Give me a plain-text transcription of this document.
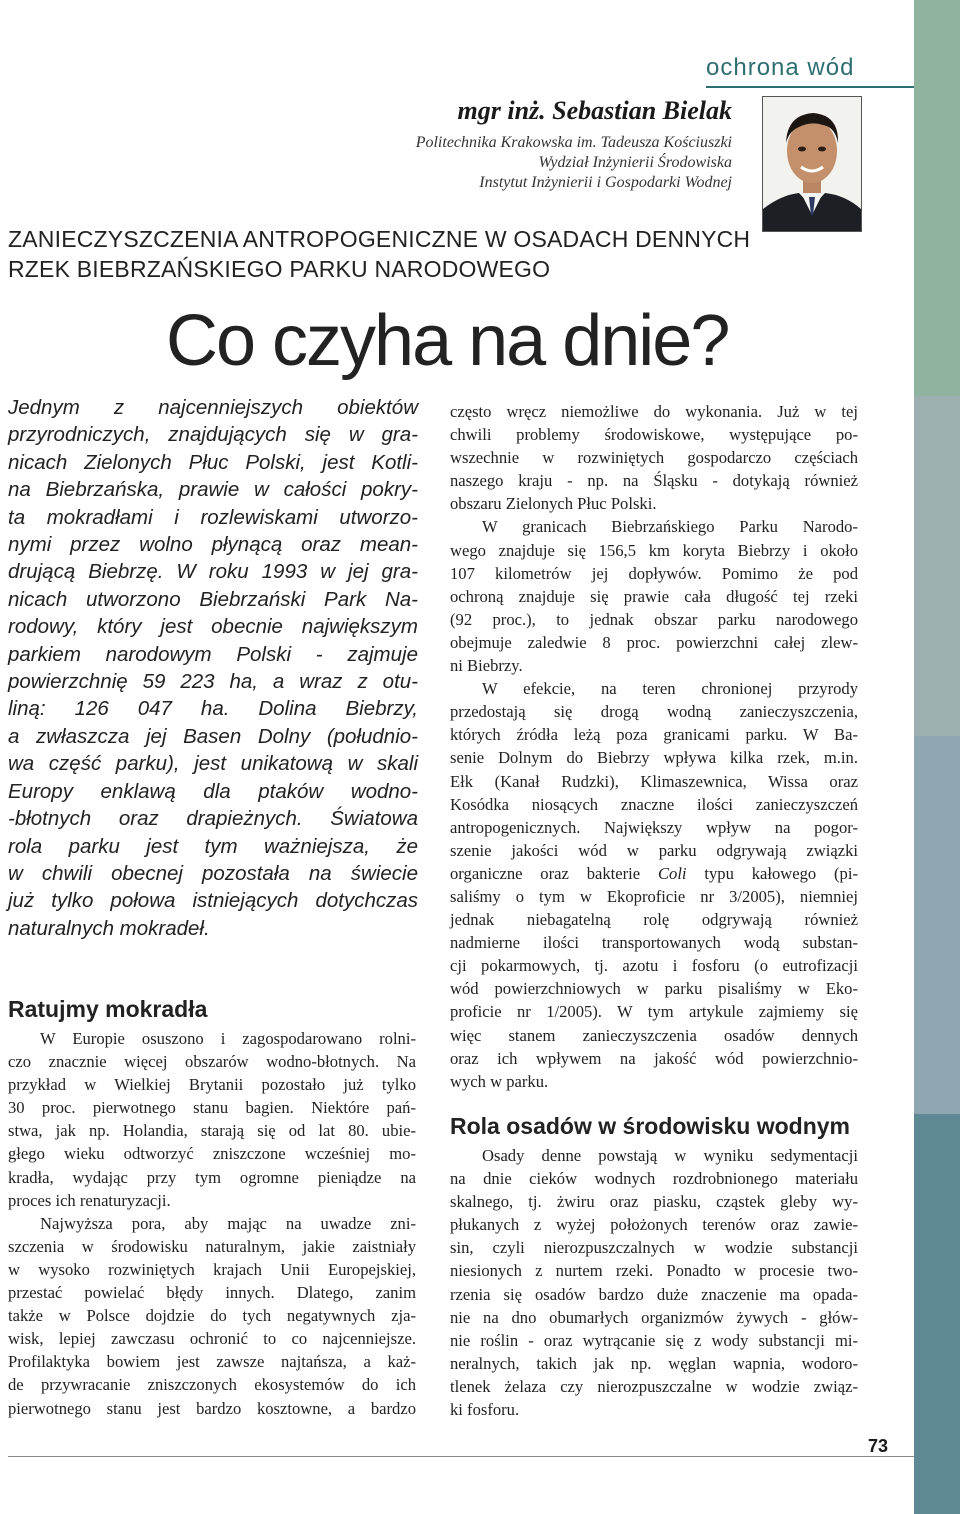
ochrona wód
mgr inż. Sebastian Bielak
Politechnika Krakowska im. Tadeusza Kościuszki
Wydział Inżynierii Środowiska
Instytut Inżynierii i Gospodarki Wodnej
ZANIECZYSZCZENIA ANTROPOGENICZNE W OSADACH DENNYCH
RZEK BIEBRZAŃSKIEGO PARKU NARODOWEGO
Co czyha na dnie?
Jednym z najcenniejszych obiektów
przyrodniczych, znajdujących się w gra-
nicach Zielonych Płuc Polski, jest Kotli-
na Biebrzańska, prawie w całości pokry-
ta mokradłami i rozlewiskami utworzo-
nymi przez wolno płynącą oraz mean-
drującą Biebrzę. W roku 1993 w jej gra-
nicach utworzono Biebrzański Park Na-
rodowy, który jest obecnie największym
parkiem narodowym Polski - zajmuje
powierzchnię 59 223 ha, a wraz z otu-
liną: 126 047 ha. Dolina Biebrzy,
a zwłaszcza jej Basen Dolny (południo-
wa część parku), jest unikatową w skali
Europy enklawą dla ptaków wodno-
-błotnych oraz drapieżnych. Światowa
rola parku jest tym ważniejsza, że
w chwili obecnej pozostała na świecie
już tylko połowa istniejących dotychczas
naturalnych mokradeł.
Ratujmy mokradła
W Europie osuszono i zagospodarowano rolni-
czo znacznie więcej obszarów wodno-błotnych. Na
przykład w Wielkiej Brytanii pozostało już tylko
30 proc. pierwotnego stanu bagien. Niektóre pań-
stwa, jak np. Holandia, starają się od lat 80. ubie-
głego wieku odtworzyć zniszczone wcześniej mo-
kradła, wydając przy tym ogromne pieniądze na
proces ich renaturyzacji.
Najwyższa pora, aby mając na uwadze zni-
szczenia w środowisku naturalnym, jakie zaistniały
w wysoko rozwiniętych krajach Unii Europejskiej,
przestać powielać błędy innych. Dlatego, zanim
także w Polsce dojdzie do tych negatywnych zja-
wisk, lepiej zawczasu ochronić to co najcenniejsze.
Profilaktyka bowiem jest zawsze najtańsza, a każ-
de przywracanie zniszczonych ekosystemów do ich
pierwotnego stanu jest bardzo kosztowne, a bardzo
często wręcz niemożliwe do wykonania. Już w tej
chwili problemy środowiskowe, występujące po-
wszechnie w rozwiniętych gospodarczo częściach
naszego kraju - np. na Śląsku - dotykają również
obszaru Zielonych Płuc Polski.
W granicach Biebrzańskiego Parku Narodo-
wego znajduje się 156,5 km koryta Biebrzy i około
107 kilometrów jej dopływów. Pomimo że pod
ochroną znajduje się prawie cała długość tej rzeki
(92 proc.), to jednak obszar parku narodowego
obejmuje zaledwie 8 proc. powierzchni całej zlew-
ni Biebrzy.
W efekcie, na teren chronionej przyrody
przedostają się drogą wodną zanieczyszczenia,
których źródła leżą poza granicami parku. W Ba-
senie Dolnym do Biebrzy wpływa kilka rzek, m.in.
Ełk (Kanał Rudzki), Klimaszewnica, Wissa oraz
Kosódka niosących znaczne ilości zanieczyszczeń
antropogenicznych. Największy wpływ na pogor-
szenie jakości wód w parku odgrywają związki
organiczne oraz bakterie Coli typu kałowego (pi-
saliśmy o tym w Ekoproficie nr 3/2005), niemniej
jednak niebagatelną rolę odgrywają również
nadmierne ilości transportowanych wodą substan-
cji pokarmowych, tj. azotu i fosforu (o eutrofizacji
wód powierzchniowych w parku pisaliśmy w Eko-
proficie nr 1/2005). W tym artykule zajmiemy się
więc stanem zanieczyszczenia osadów dennych
oraz ich wpływem na jakość wód powierzchnio-
wych w parku.
Rola osadów w środowisku wodnym
Osady denne powstają w wyniku sedymentacji
na dnie cieków wodnych rozdrobnionego materiału
skalnego, tj. żwiru oraz piasku, cząstek gleby wy-
płukanych z wyżej położonych terenów oraz zawie-
sin, czyli nierozpuszczalnych w wodzie substancji
niesionych z nurtem rzeki. Ponadto w procesie two-
rzenia się osadów bardzo duże znaczenie ma opada-
nie na dno obumarłych organizmów żywych - głów-
nie roślin - oraz wytrącanie się z wody substancji mi-
neralnych, takich jak np. węglan wapnia, wodoro-
tlenek żelaza czy nierozpuszczalne w wodzie związ-
ki fosforu.
73
